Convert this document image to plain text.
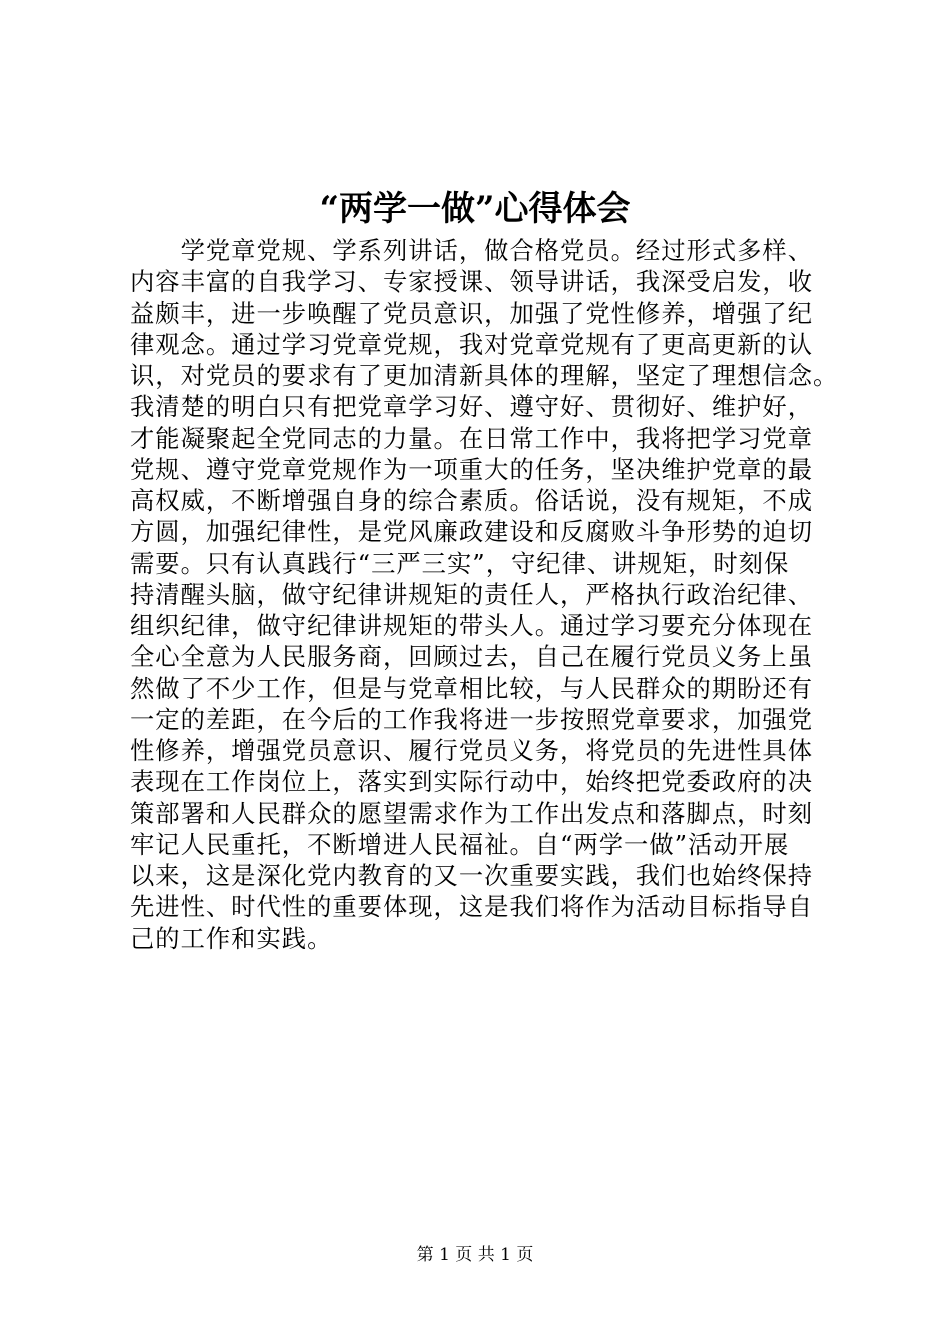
“两学一做”心得体会
　　学党章党规、学系列讲话，做合格党员。经过形式多样、
内容丰富的自我学习、专家授课、领导讲话，我深受启发，收
益颇丰，进一步唤醒了党员意识，加强了党性修养，增强了纪
律观念。通过学习党章党规，我对党章党规有了更高更新的认
识，对党员的要求有了更加清新具体的理解，坚定了理想信念。
我清楚的明白只有把党章学习好、遵守好、贯彻好、维护好，
才能凝聚起全党同志的力量。在日常工作中，我将把学习党章
党规、遵守党章党规作为一项重大的任务，坚决维护党章的最
高权威，不断增强自身的综合素质。俗话说，没有规矩，不成
方圆，加强纪律性，是党风廉政建设和反腐败斗争形势的迫切
需要。只有认真践行“三严三实”，守纪律、讲规矩，时刻保
持清醒头脑，做守纪律讲规矩的责任人，严格执行政治纪律、
组织纪律，做守纪律讲规矩的带头人。通过学习要充分体现在
全心全意为人民服务商，回顾过去，自己在履行党员义务上虽
然做了不少工作，但是与党章相比较，与人民群众的期盼还有
一定的差距，在今后的工作我将进一步按照党章要求，加强党
性修养，增强党员意识、履行党员义务，将党员的先进性具体
表现在工作岗位上，落实到实际行动中，始终把党委政府的决
策部署和人民群众的愿望需求作为工作出发点和落脚点，时刻
牢记人民重托，不断增进人民福祉。自“两学一做”活动开展
以来，这是深化党内教育的又一次重要实践，我们也始终保持
先进性、时代性的重要体现，这是我们将作为活动目标指导自
己的工作和实践。
第 1 页 共 1 页
